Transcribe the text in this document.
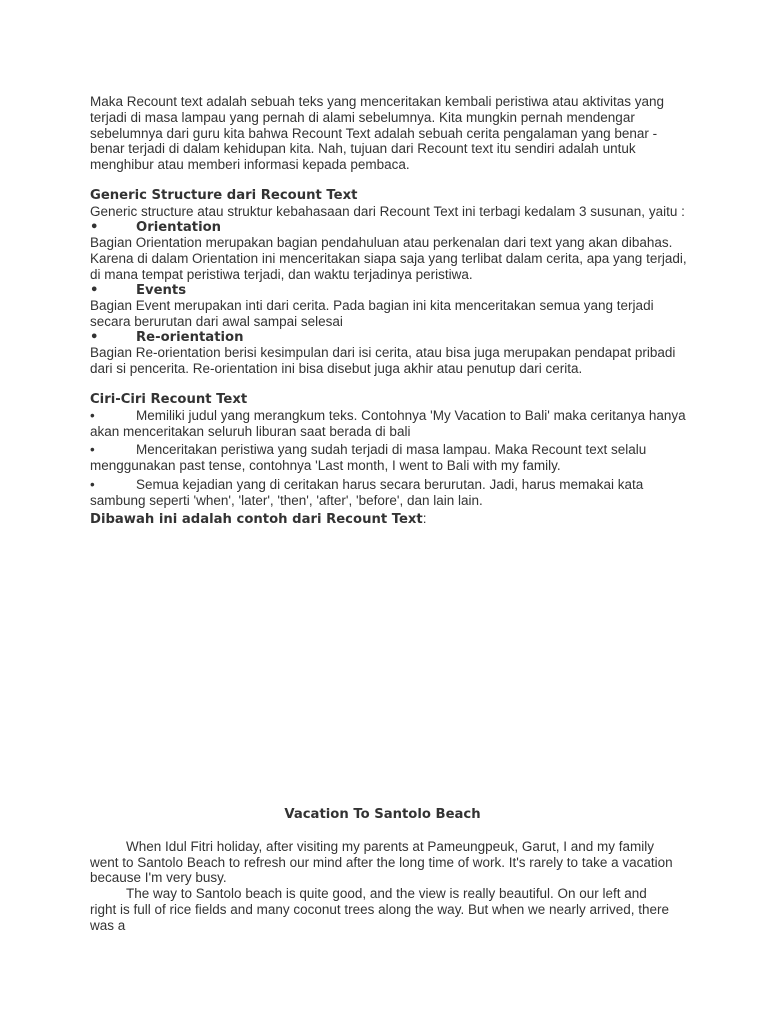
Maka Recount text adalah sebuah teks yang menceritakan kembali peristiwa atau aktivitas yang terjadi di masa lampau yang pernah di alami sebelumnya. Kita mungkin pernah mendengar sebelumnya dari guru kita bahwa Recount Text adalah sebuah cerita pengalaman yang benar - benar terjadi di dalam kehidupan kita. Nah, tujuan dari Recount text itu sendiri adalah untuk menghibur atau memberi informasi kepada pembaca.

Generic Structure dari Recount Text

Generic structure atau struktur kebahasaan dari Recount Text ini terbagi kedalam 3 susunan, yaitu :

•	Orientation

Bagian Orientation merupakan bagian pendahuluan atau perkenalan dari text yang akan dibahas. Karena di dalam Orientation ini menceritakan siapa saja yang terlibat dalam cerita, apa yang terjadi, di mana tempat peristiwa terjadi, dan waktu terjadinya peristiwa.

•	Events

Bagian Event merupakan inti dari cerita. Pada bagian ini kita menceritakan semua yang terjadi secara berurutan dari awal sampai selesai

•	Re-orientation

Bagian Re-orientation berisi kesimpulan dari isi cerita, atau bisa juga merupakan pendapat pribadi dari si pencerita. Re-orientation ini bisa disebut juga akhir atau penutup dari cerita.

Ciri-Ciri Recount Text

•	Memiliki judul yang merangkum teks. Contohnya 'My Vacation to Bali' maka ceritanya hanya
akan menceritakan seluruh liburan saat berada di bali
•	Menceritakan peristiwa yang sudah terjadi di masa lampau. Maka Recount text selalu
menggunakan past tense, contohnya 'Last month, I went to Bali with my family.
•	Semua kejadian yang di ceritakan harus secara berurutan. Jadi, harus memakai kata
sambung seperti 'when', 'later', 'then', 'after', 'before', dan lain lain.

Dibawah ini adalah contoh dari Recount Text:

Vacation To Santolo Beach

When Idul Fitri holiday, after visiting my parents at Pameungpeuk, Garut, I and my family went to Santolo Beach to refresh our mind after the long time of work. It's rarely to take a vacation because I'm very busy.

The way to Santolo beach is quite good, and the view is really beautiful. On our left and right is full of rice fields and many coconut trees along the way. But when we nearly arrived, there was a
